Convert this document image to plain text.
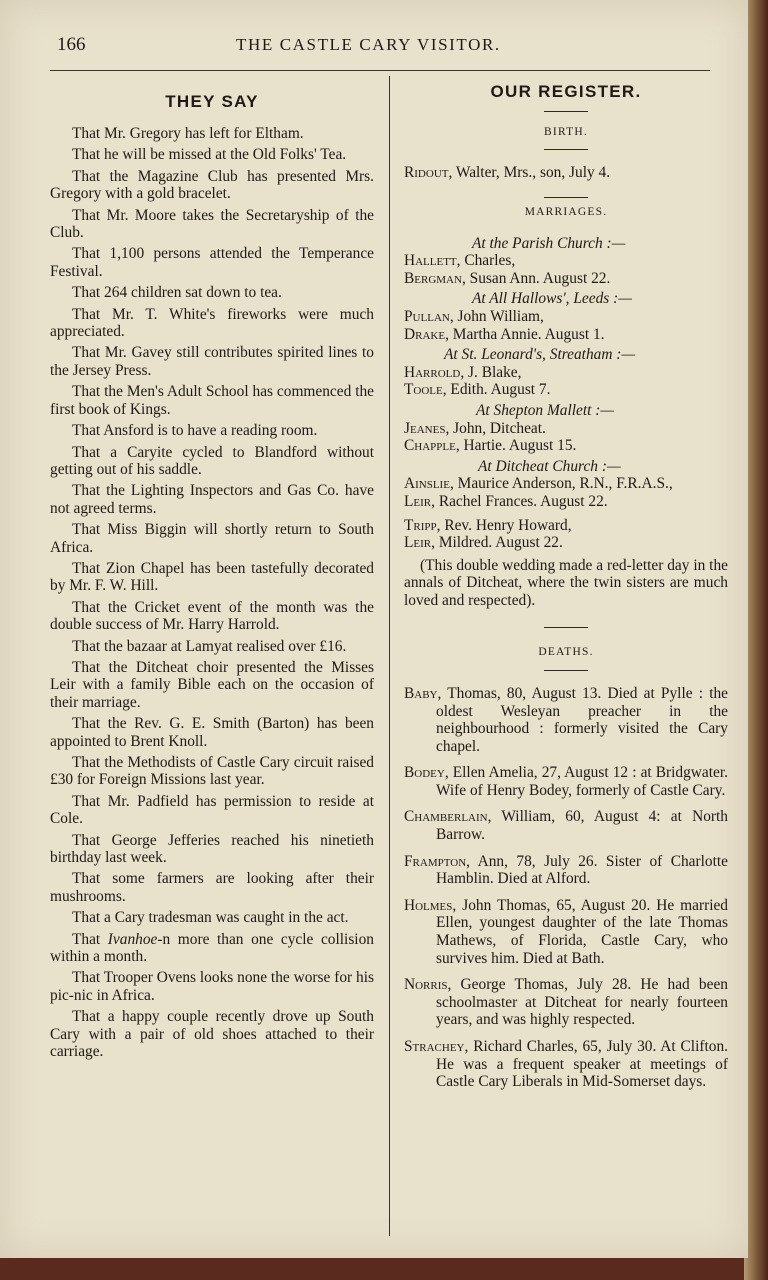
166	THE CASTLE CARY VISITOR.
THEY SAY

That Mr. Gregory has left for Eltham.

That he will be missed at the Old Folks' Tea.

That the Magazine Club has presented Mrs. Gregory with a gold bracelet.

That Mr. Moore takes the Secretaryship of the Club.

That 1,100 persons attended the Temperance Festival.

That 264 children sat down to tea.

That Mr. T. White's fireworks were much appreciated.

That Mr. Gavey still contributes spirited lines to the Jersey Press.

That the Men's Adult School has commenced the first book of Kings.

That Ansford is to have a reading room.

That a Caryite cycled to Blandford without getting out of his saddle.

That the Lighting Inspectors and Gas Co. have not agreed terms.

That Miss Biggin will shortly return to South Africa.

That Zion Chapel has been tastefully decorated by Mr. F. W. Hill.

That the Cricket event of the month was the double success of Mr. Harry Harrold.

That the bazaar at Lamyat realised over £16.

That the Ditcheat choir presented the Misses Leir with a family Bible each on the occasion of their marriage.

That the Rev. G. E. Smith (Barton) has been appointed to Brent Knoll.

That the Methodists of Castle Cary circuit raised £30 for Foreign Missions last year.

That Mr. Padfield has permission to reside at Cole.

That George Jefferies reached his ninetieth birthday last week.

That some farmers are looking after their mushrooms.

That a Cary tradesman was caught in the act.

That Ivanhoe-n more than one cycle collision within a month.

That Trooper Ovens looks none the worse for his pic-nic in Africa.

That a happy couple recently drove up South Cary with a pair of old shoes attached to their carriage.

OUR REGISTER.

BIRTH.

Ridout, Walter, Mrs., son, July 4.

MARRIAGES.

At the Parish Church :—

Hallett, Charles,

Bergman, Susan Ann. August 22.

At All Hallows', Leeds :—

Pullan, John William,

Drake, Martha Annie. August 1.

At St. Leonard's, Streatham :—

Harrold, J. Blake,

Toole, Edith. August 7.

At Shepton Mallett :—

Jeanes, John, Ditcheat.

Chapple, Hartie. August 15.

At Ditcheat Church :—

Ainslie, Maurice Anderson, R.N., F.R.A.S.,

Leir, Rachel Frances. August 22.

Tripp, Rev. Henry Howard,

Leir, Mildred. August 22.

(This double wedding made a red-letter day in the annals of Ditcheat, where the twin sisters are much loved and respected).

DEATHS.

Baby, Thomas, 80, August 13. Died at Pylle : the oldest Wesleyan preacher in the neighbourhood : formerly visited the Cary chapel.

Bodey, Ellen Amelia, 27, August 12 : at Bridgwater. Wife of Henry Bodey, formerly of Castle Cary.

Chamberlain, William, 60, August 4: at North Barrow.

Frampton, Ann, 78, July 26. Sister of Charlotte Hamblin. Died at Alford.

Holmes, John Thomas, 65, August 20. He married Ellen, youngest daughter of the late Thomas Mathews, of Florida, Castle Cary, who survives him. Died at Bath.

Norris, George Thomas, July 28. He had been schoolmaster at Ditcheat for nearly fourteen years, and was highly respected.

Strachey, Richard Charles, 65, July 30. At Clifton. He was a frequent speaker at meetings of Castle Cary Liberals in Mid-Somerset days.
